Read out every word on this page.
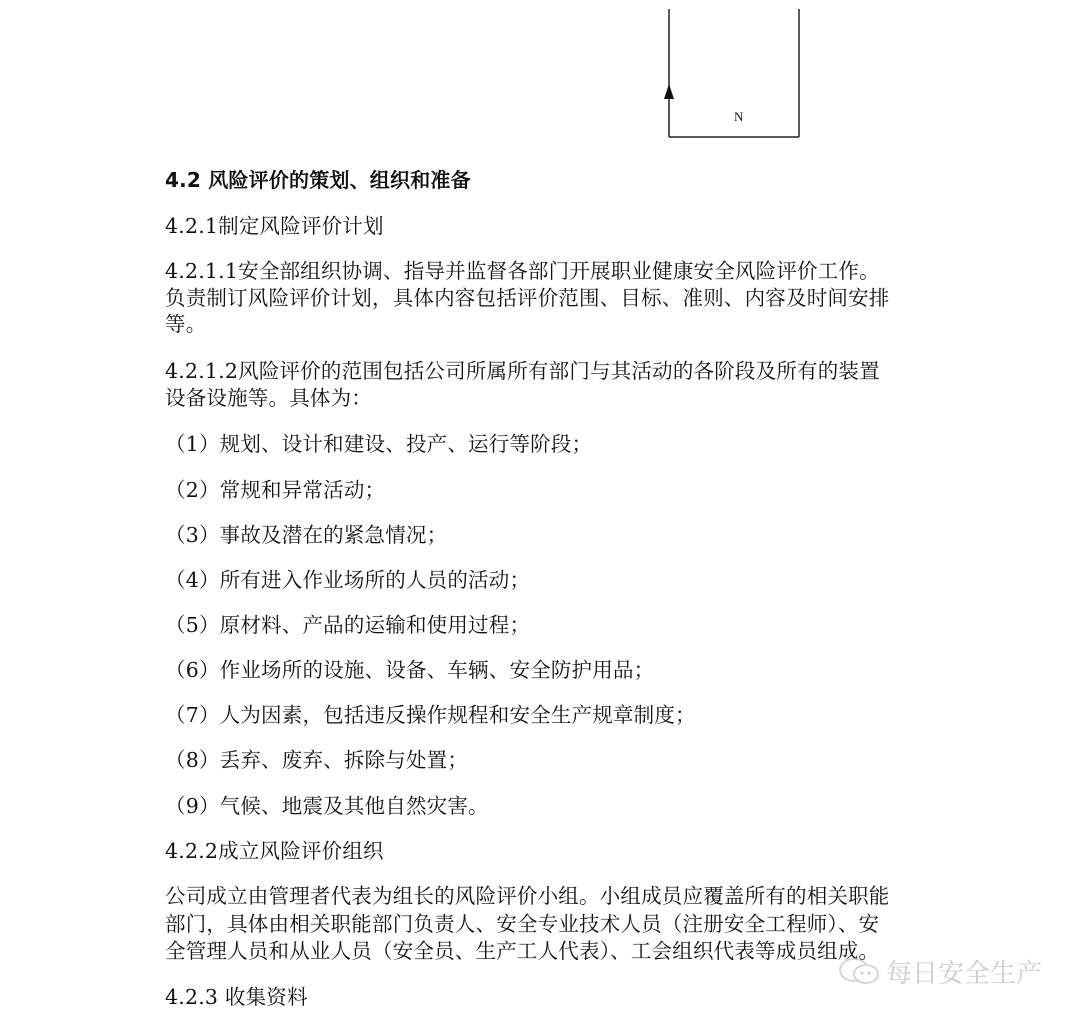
N
4.2 风险评价的策划、组织和准备
4.2.1制定风险评价计划
4.2.1.1安全部组织协调、指导并监督各部门开展职业健康安全风险评价工作。
负责制订风险评价计划，具体内容包括评价范围、目标、准则、内容及时间安排
等。
4.2.1.2风险评价的范围包括公司所属所有部门与其活动的各阶段及所有的装置
设备设施等。具体为：
（1）规划、设计和建设、投产、运行等阶段；
（2）常规和异常活动；
（3）事故及潜在的紧急情况；
（4）所有进入作业场所的人员的活动；
（5）原材料、产品的运输和使用过程；
（6）作业场所的设施、设备、车辆、安全防护用品；
（7）人为因素，包括违反操作规程和安全生产规章制度；
（8）丢弃、废弃、拆除与处置；
（9）气候、地震及其他自然灾害。
4.2.2成立风险评价组织
公司成立由管理者代表为组长的风险评价小组。小组成员应覆盖所有的相关职能
部门，具体由相关职能部门负责人、安全专业技术人员（注册安全工程师）、安
全管理人员和从业人员（安全员、生产工人代表）、工会组织代表等成员组成。
4.2.3 收集资料
每日安全生产
